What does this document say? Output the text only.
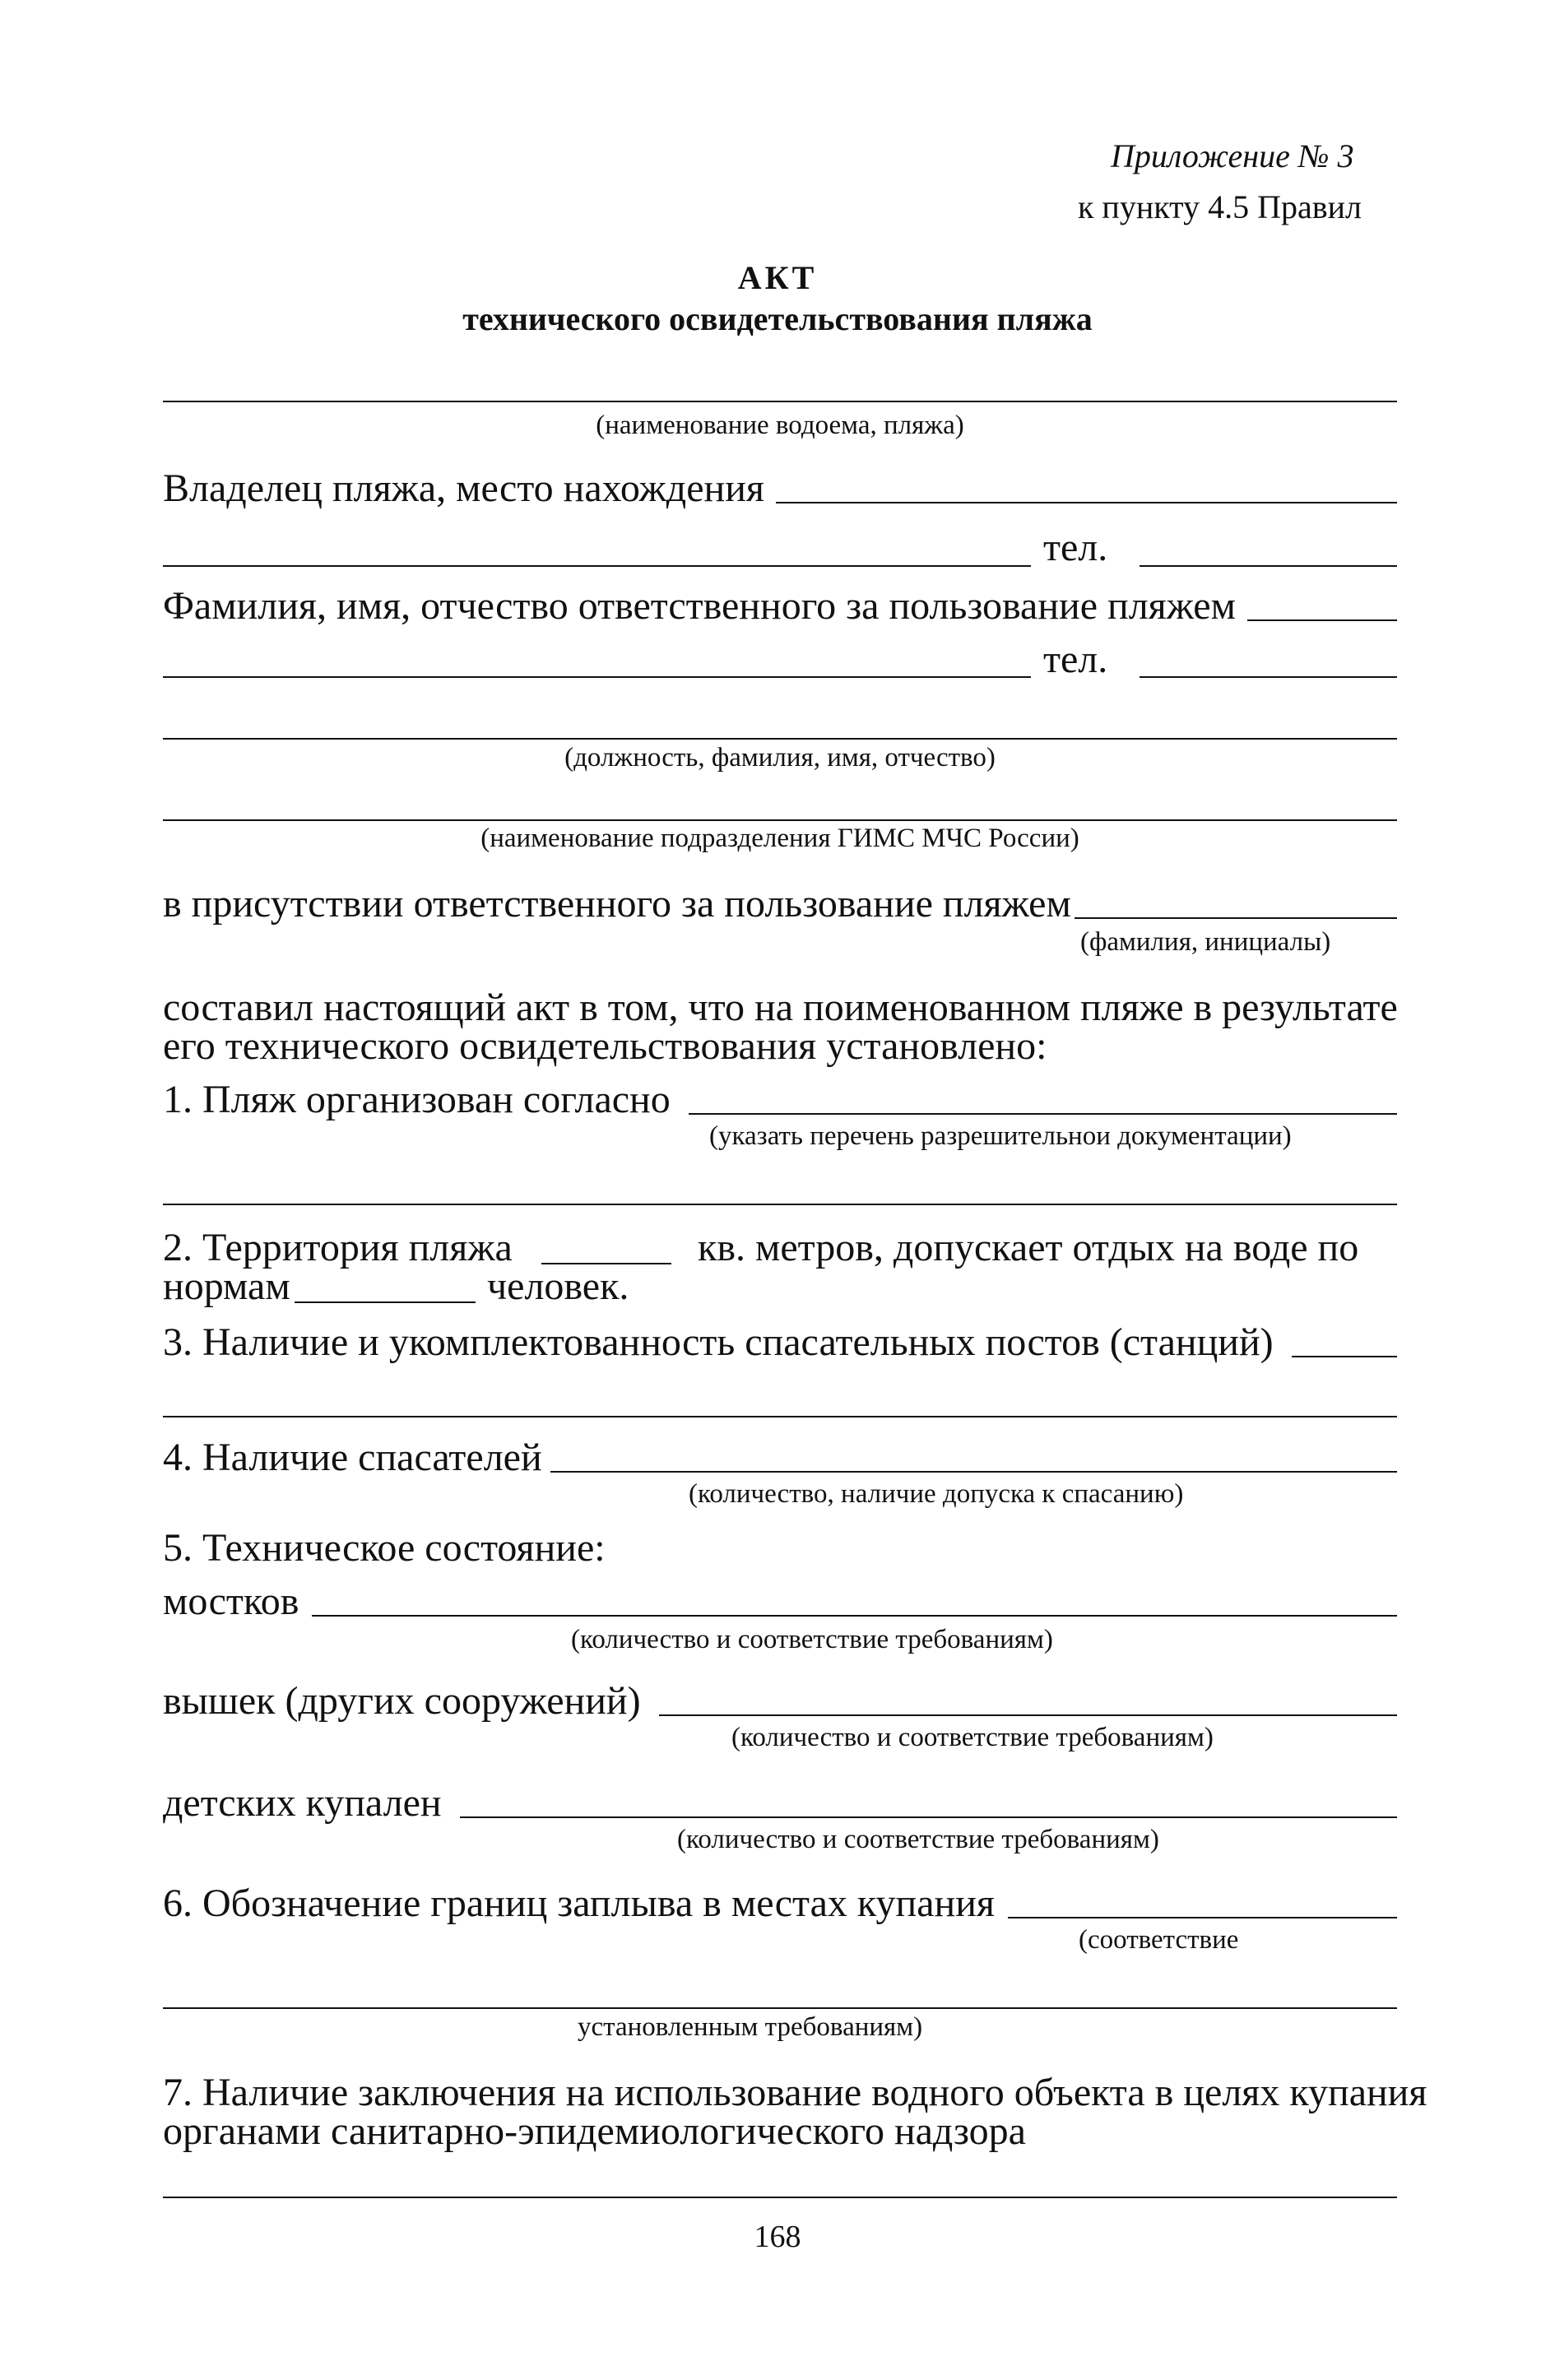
Приложение № 3
к пункту 4.5 Правил
АКТ
технического освидетельствования пляжа
(наименование водоема, пляжа)
Владелец пляжа, место нахождения
тел.
Фамилия, имя, отчество ответственного за пользование пляжем
тел.
(должность, фамилия, имя, отчество)
(наименование подразделения ГИМС МЧС России)
в присутствии ответственного за пользование пляжем
(фамилия, инициалы)
составил настоящий акт в том, что на поименованном пляже в результате
его технического освидетельствования установлено:
1. Пляж организован согласно
(указать перечень разрешительнои документации)
2. Территория пляжа	кв. метров, допускает отдых на воде по
нормам	человек.
3. Наличие и укомплектованность спасательных постов (станций)
4. Наличие спасателей
(количество, наличие допуска к спасанию)
5. Техническое состояние:
мостков
(количество и соответствие требованиям)
вышек (других сооружений)
(количество и соответствие требованиям)
детских купален
(количество и соответствие требованиям)
6. Обозначение границ заплыва в местах купания
(соответствие
установленным требованиям)
7. Наличие заключения на использование водного объекта в целях купания
органами санитарно-эпидемиологического надзора
168
